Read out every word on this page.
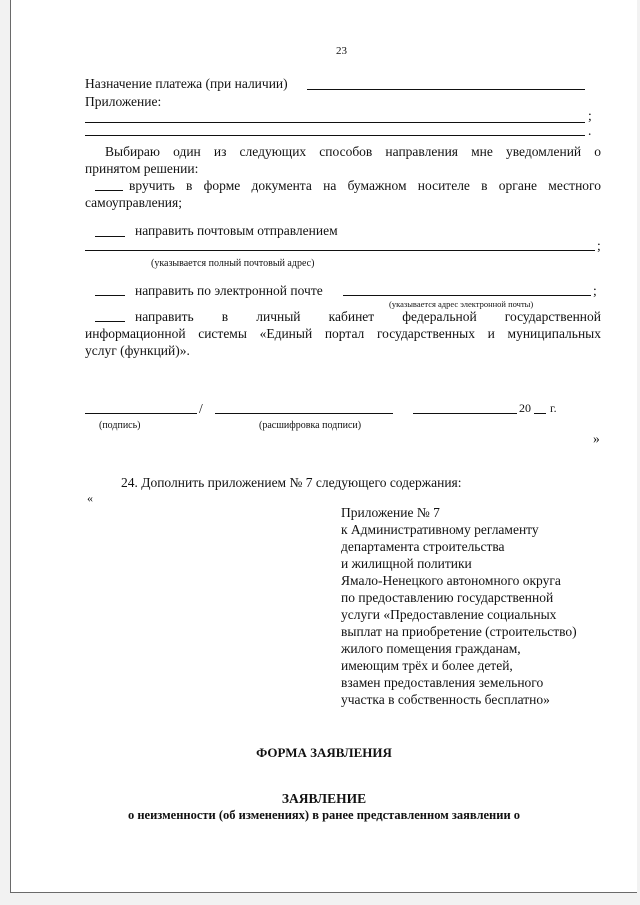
23
Назначение платежа (при наличии)
Приложение:
;
.
Выбираю один из следующих способов направления мне уведомлений о
принятом решении:
вручить в форме документа на бумажном носителе в органе местного
самоуправления;
направить почтовым отправлением
;
(указывается полный почтовый адрес)
направить по электронной почте	;
(указывается адрес электронной почты)
направить в личный кабинет федеральной государственной
информационной системы «Единый портал государственных и муниципальных
услуг (функций)».
/	20 г.
(подпись)	(расшифровка подписи)
»
24. Дополнить приложением № 7 следующего содержания:
«
Приложение № 7
к Административному регламенту
департамента строительства
и жилищной политики
Ямало-Ненецкого автономного округа
по предоставлению государственной
услуги «Предоставление социальных
выплат на приобретение (строительство)
жилого помещения гражданам,
имеющим трёх и более детей,
взамен предоставления земельного
участка в собственность бесплатно»
ФОРМА ЗАЯВЛЕНИЯ
ЗАЯВЛЕНИЕ
о неизменности (об изменениях) в ранее представленном заявлении о
